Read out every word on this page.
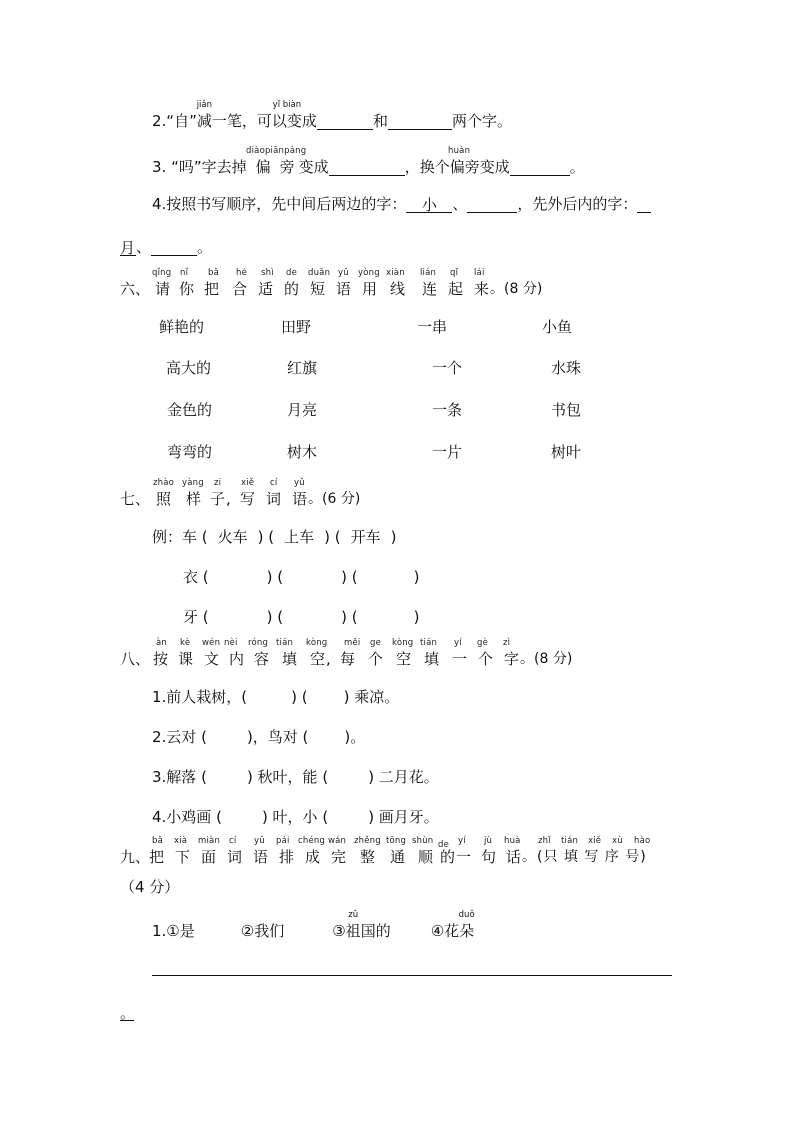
2.“自”
jiǎn
减一笔，可
yǐ biàn
以变成	和	两个字。
diàopiānpáng	huàn
3. “吗”字去掉 偏 旁 变成	，换个偏旁变成	。
4.按照书写顺序，先中间后两边的字： 小 、	，先外后内的字：
月、	。
六、
qǐng
请
nǐ
你
bǎ
把
hé
合
shì
适
de
的
duǎn
短
yǔ
语
yòng
用
xiàn
线
lián
连
qǐ
起
lái
来 。(8 分)
鲜艳的	田野	一串	小鱼
高大的	红旗	一个	水珠
金色的	月亮	一条	书包
弯弯的	树木	一片	树叶
七、
zhào
照
yàng
样
zi
子 ,
xiě
写
cí
词
yǔ
语 。(6 分)
例：车 ( 火车 ) ( 上车 ) ( 开车 )
衣 (	) (	) (	)
牙 (	) (	) (	)
八、
àn
按
kè
课
wén
文
nèi
内
róng
容
tián
填
kòng
空 ,
měi
每
ge
个
kòng
空
tián
填
yí
一
gè
个
zì
字 。(8 分)
1.前人栽树，(	) ( ) 乘凉。
2.云对 (	)，鸟对 ( )。
3.解落 (	) 秋叶，能 (	) 二月花。
4.小鸡画 (	) 叶，小 (	) 画月牙。
九、
bǎ
把
xià
下
miàn
面
cí
词
yǔ
语
pái
排
chéng
成
wán
完
zhěng
整
tōng
通
shùn
顺
de
的
yí
一
jù
句
huà
话
zhǐ tián xiě xù hào
。(只 填 写 序 号)
（4 分）
1.①是	②我们	③
zǔ
祖国的	④花
duǒ
朵
。
